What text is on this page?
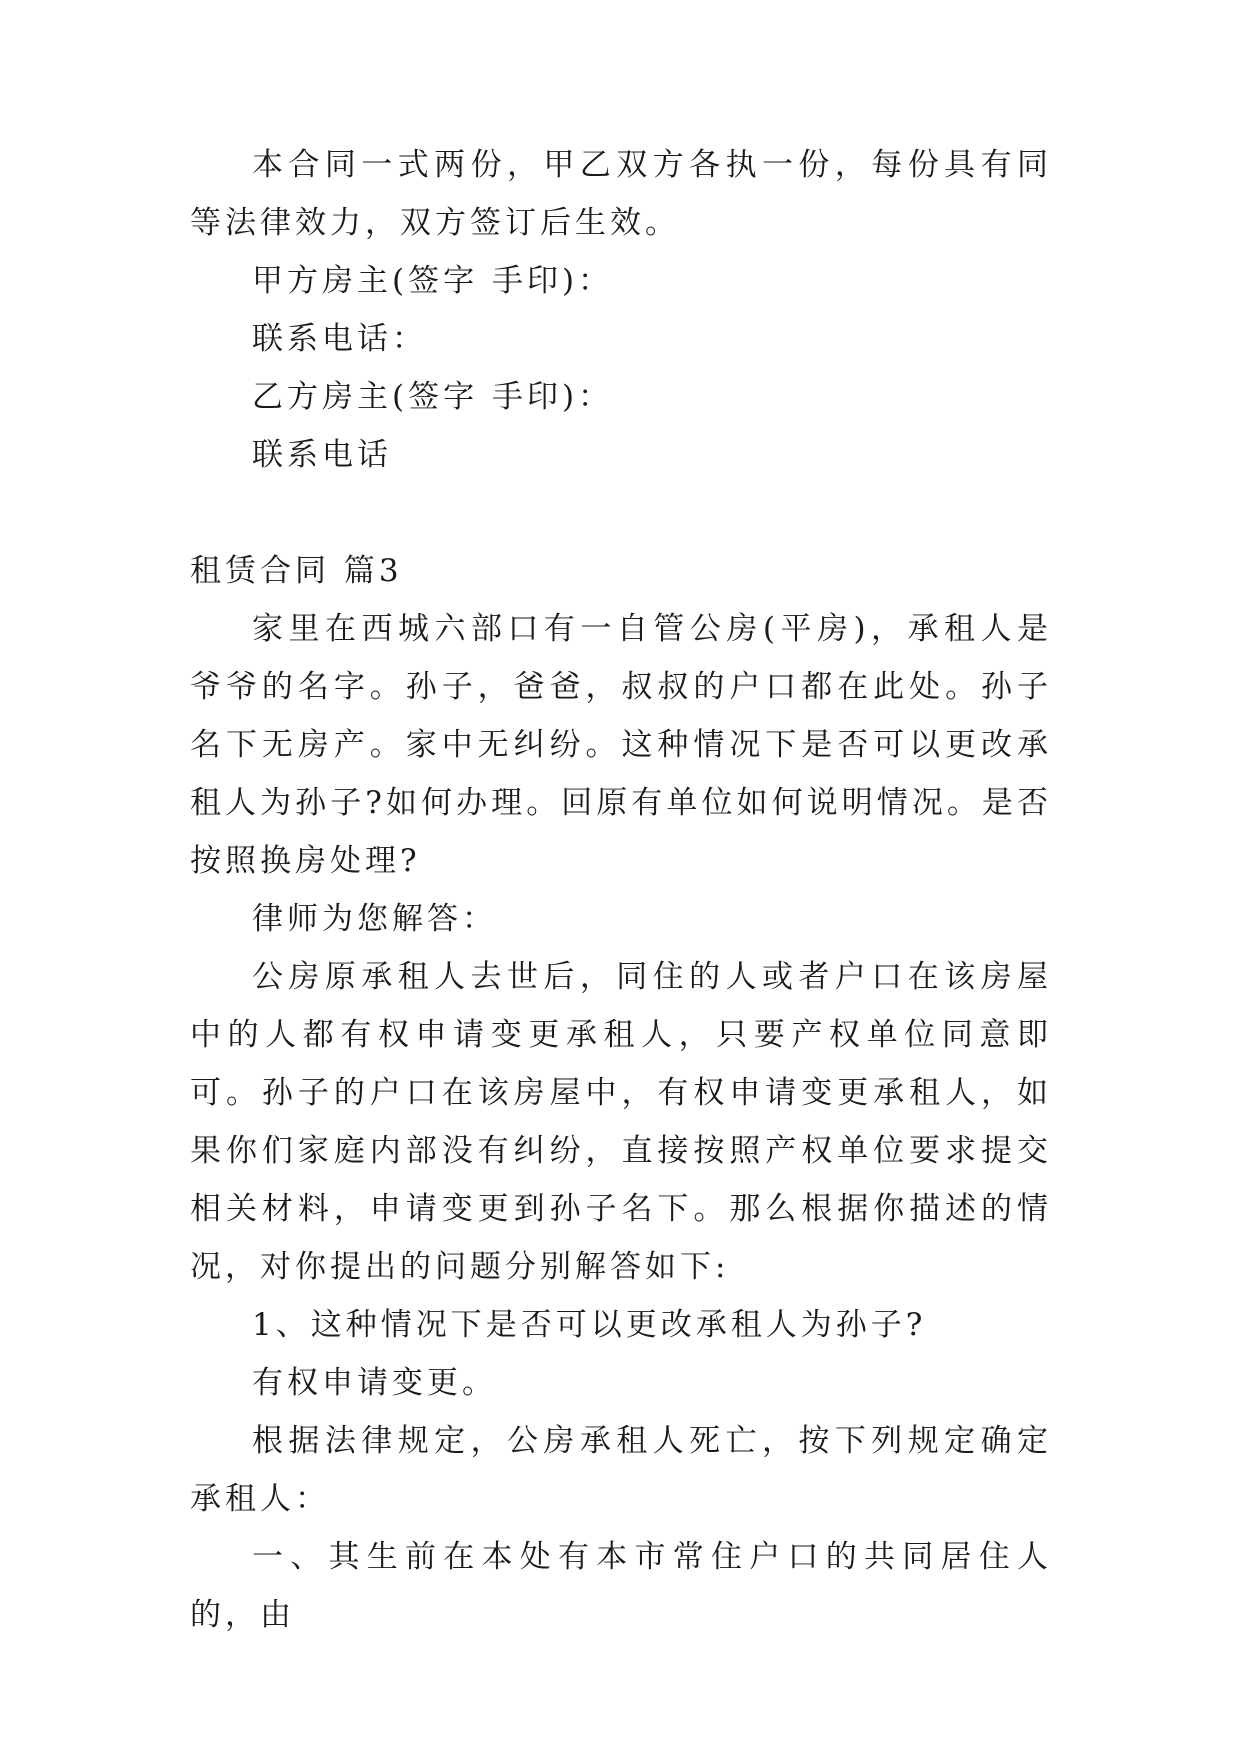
本合同一式两份，甲乙双方各执一份，每份具有同等法律效力，双方签订后生效。

甲方房主(签字 手印)：

联系电话：

乙方房主(签字 手印)：

联系电话

租赁合同 篇3

家里在西城六部口有一自管公房(平房)，承租人是爷爷的名字。孙子，爸爸，叔叔的户口都在此处。孙子名下无房产。家中无纠纷。这种情况下是否可以更改承租人为孙子?如何办理。回原有单位如何说明情况。是否按照换房处理?

律师为您解答：

公房原承租人去世后，同住的人或者户口在该房屋中的人都有权申请变更承租人，只要产权单位同意即可。孙子的户口在该房屋中，有权申请变更承租人，如果你们家庭内部没有纠纷，直接按照产权单位要求提交相关材料，申请变更到孙子名下。那么根据你描述的情况，对你提出的问题分别解答如下:

1、这种情况下是否可以更改承租人为孙子?

有权申请变更。

根据法律规定，公房承租人死亡，按下列规定确定承租人：

一、其生前在本处有本市常住户口的共同居住人的，由
